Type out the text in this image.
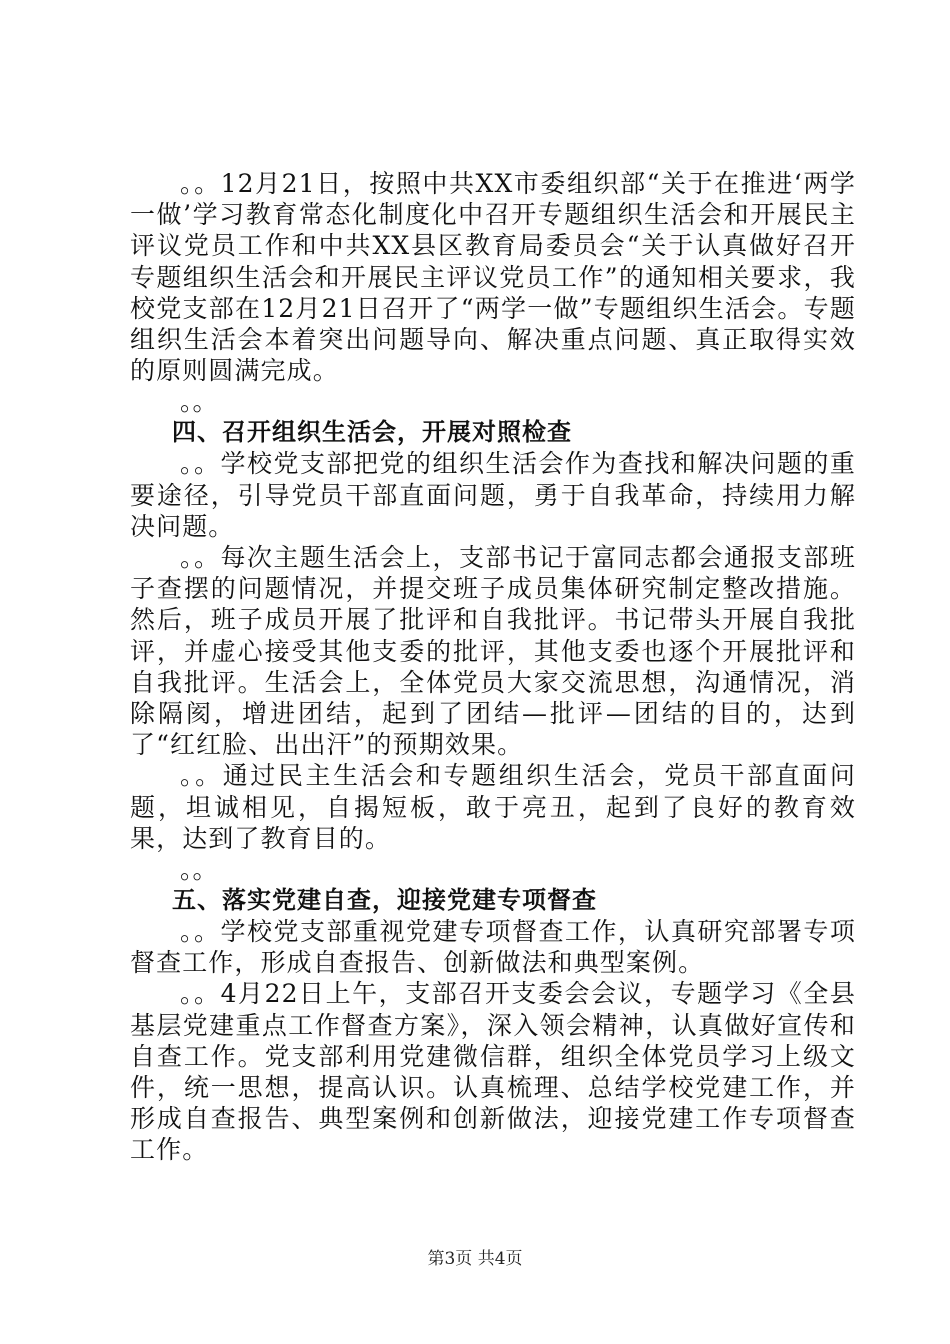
。。12月21日，按照中共XX市委组织部“关于在推进‘两学一做’学习教育常态化制度化中召开专题组织生活会和开展民主评议党员工作和中共XX县区教育局委员会“关于认真做好召开专题组织生活会和开展民主评议党员工作”的通知相关要求，我校党支部在12月21日召开了“两学一做”专题组织生活会。专题组织生活会本着突出问题导向、解决重点问题、真正取得实效的原则圆满完成。

。。

四、召开组织生活会，开展对照检查

。。学校党支部把党的组织生活会作为查找和解决问题的重要途径，引导党员干部直面问题，勇于自我革命，持续用力解决问题。

。。每次主题生活会上，支部书记于富同志都会通报支部班子查摆的问题情况，并提交班子成员集体研究制定整改措施。然后，班子成员开展了批评和自我批评。书记带头开展自我批评，并虚心接受其他支委的批评，其他支委也逐个开展批评和自我批评。生活会上，全体党员大家交流思想，沟通情况，消除隔阂，增进团结，起到了团结—批评—团结的目的，达到了“红红脸、出出汗”的预期效果。

。。通过民主生活会和专题组织生活会，党员干部直面问题，坦诚相见，自揭短板，敢于亮丑，起到了良好的教育效果，达到了教育目的。

。。

五、落实党建自查，迎接党建专项督查

。。学校党支部重视党建专项督查工作，认真研究部署专项督查工作，形成自查报告、创新做法和典型案例。

。。4月22日上午，支部召开支委会会议，专题学习《全县基层党建重点工作督查方案》，深入领会精神，认真做好宣传和自查工作。党支部利用党建微信群，组织全体党员学习上级文件，统一思想，提高认识。认真梳理、总结学校党建工作，并形成自查报告、典型案例和创新做法，迎接党建工作专项督查工作。

第3页 共4页
